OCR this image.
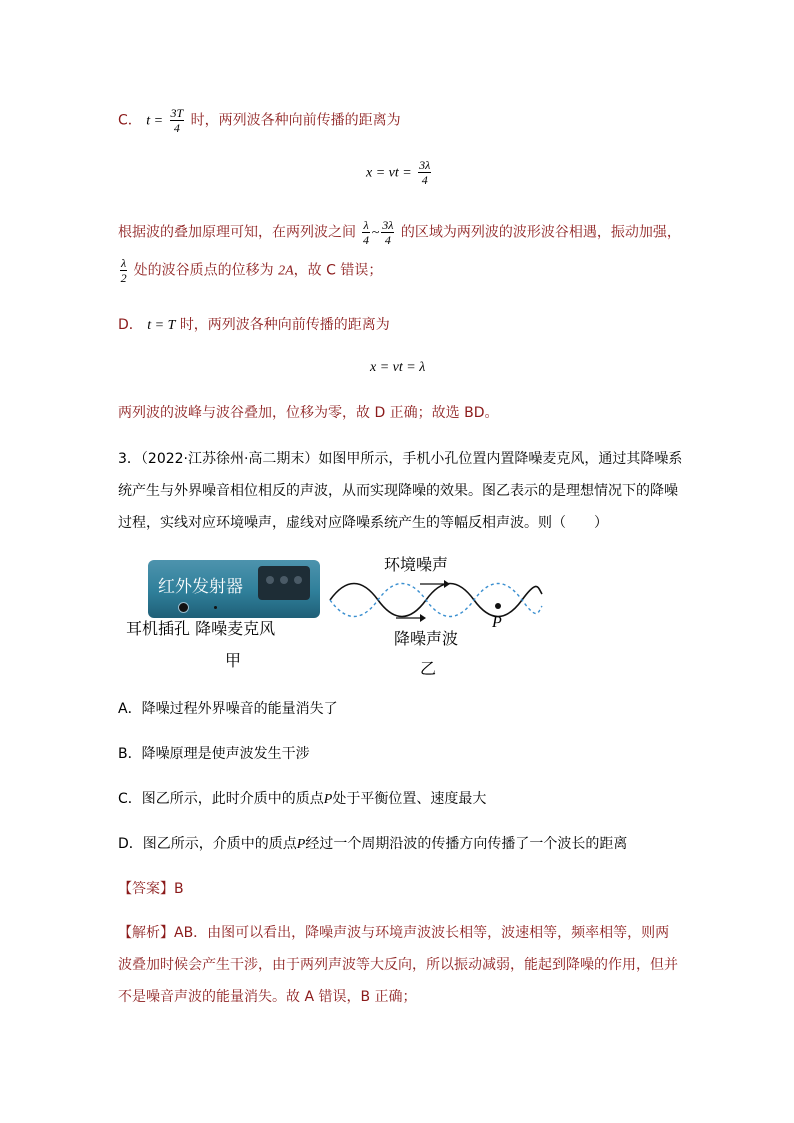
C． $t = \frac{3T}{4}$ 时，两列波各种向前传播的距离为
x = vt = $\frac{3\lambda}{4}$
根据波的叠加原理可知，在两列波之间 $\frac{\lambda}{4}$ ~ $\frac{3\lambda}{4}$ 的区域为两列波的波形波谷相遇，振动加强，
$\frac{\lambda}{2}$ 处的波谷质点的位移为 2A，故 C 错误；
D． t = T 时，两列波各种向前传播的距离为
x = vt = λ
两列波的波峰与波谷叠加，位移为零，故 D 正确；故选 BD。
3．（2022·江苏徐州·高二期末）如图甲所示，手机小孔位置内置降噪麦克风，通过其降噪系
统产生与外界噪音相位相反的声波，从而实现降噪的效果。图乙表示的是理想情况下的降噪
过程，实线对应环境噪声，虚线对应降噪系统产生的等幅反相声波。则（　　）
红外发射器
耳机插孔 降噪麦克风
甲
环境噪声
降噪声波
P
乙
A．降噪过程外界噪音的能量消失了
B．降噪原理是使声波发生干涉
C．图乙所示，此时介质中的质点P处于平衡位置、速度最大
D．图乙所示，介质中的质点P经过一个周期沿波的传播方向传播了一个波长的距离
【答案】B
【解析】AB．由图可以看出，降噪声波与环境声波波长相等，波速相等，频率相等，则两
波叠加时候会产生干涉，由于两列声波等大反向，所以振动减弱，能起到降噪的作用，但并
不是噪音声波的能量消失。故 A 错误，B 正确；
